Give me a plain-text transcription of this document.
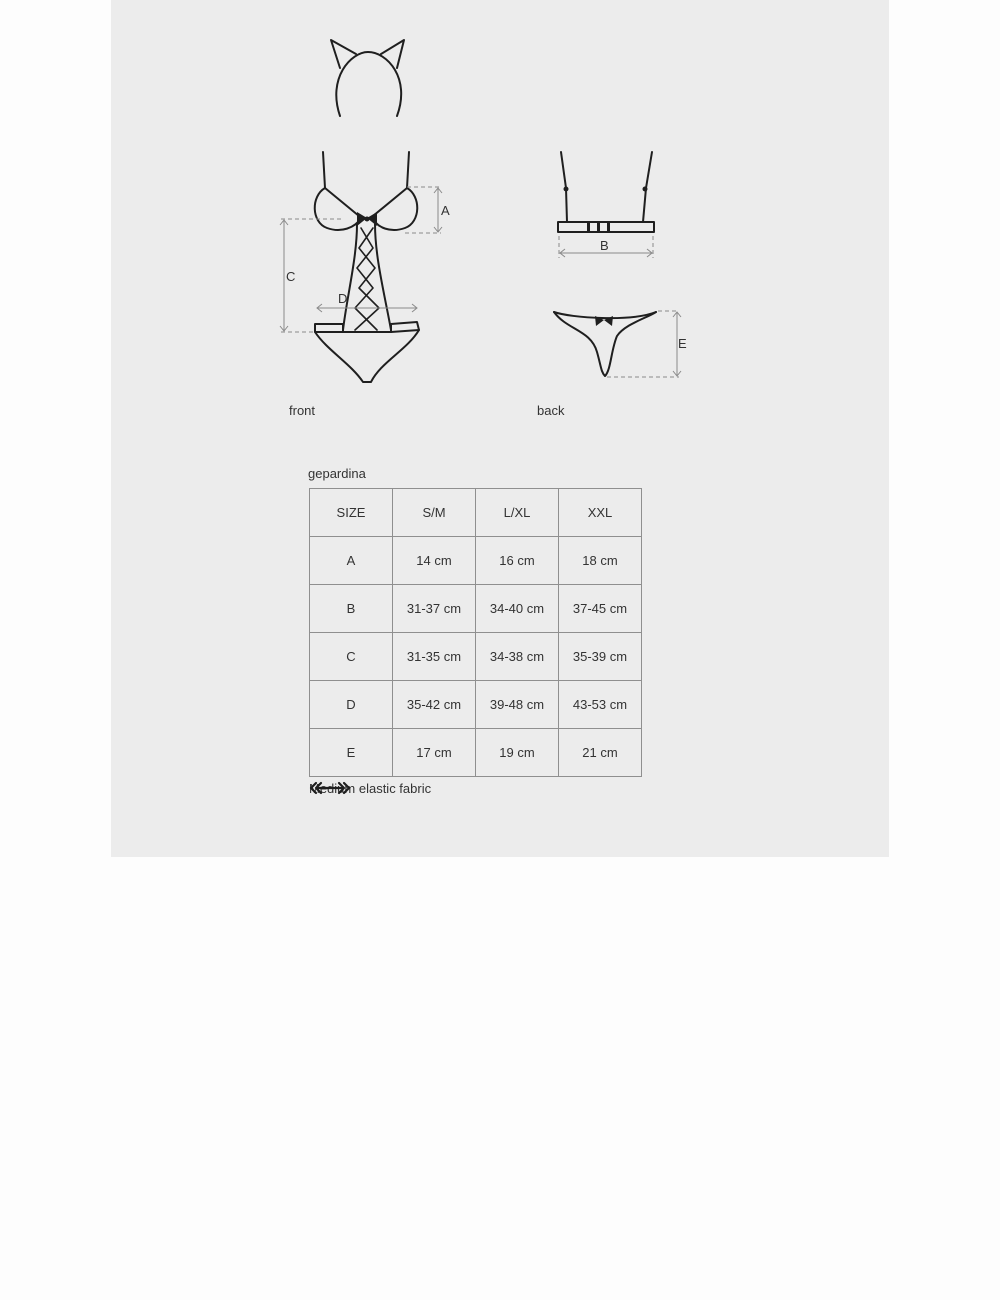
A
B
C
D
E
front	back
gepardina
SIZE	S/M	L/XL	XXL
A	14 cm	16 cm	18 cm
B	31-37 cm	34-40 cm	37-45 cm
C	31-35 cm	34-38 cm	35-39 cm
D	35-42 cm	39-48 cm	43-53 cm
E	17 cm	19 cm	21 cm
Medium elastic fabric
